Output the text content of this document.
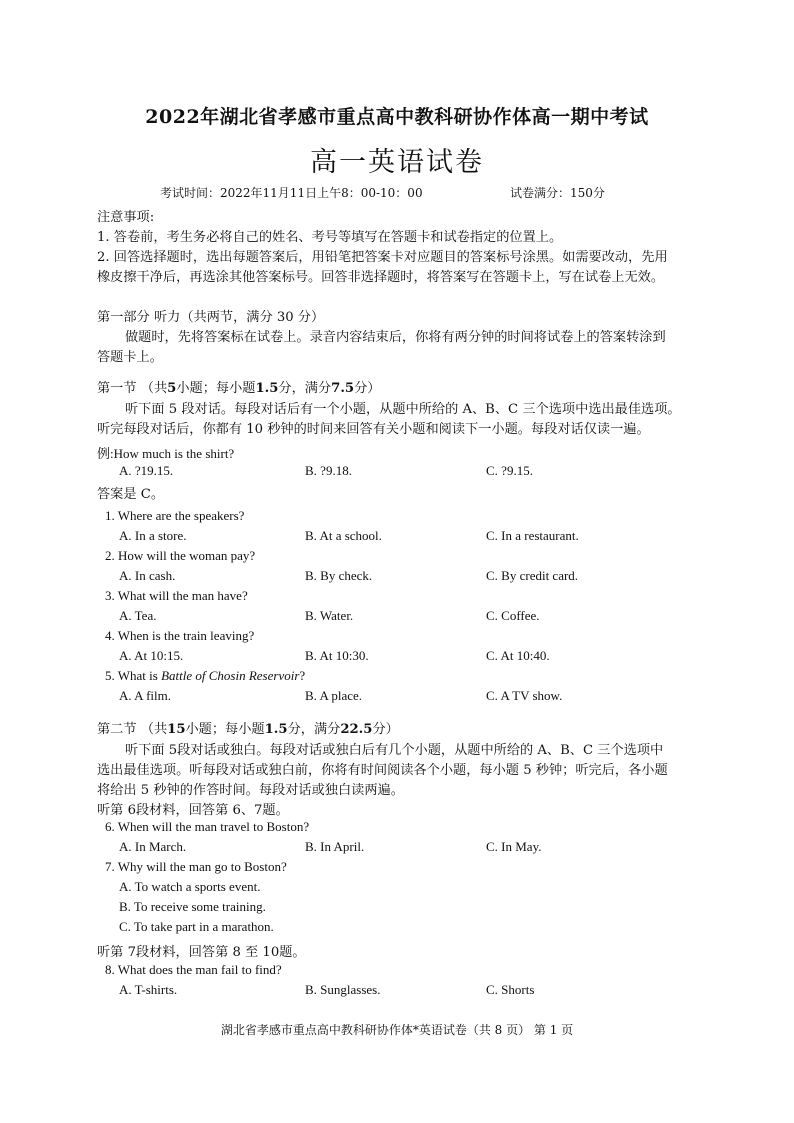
2022年湖北省孝感市重点高中教科研协作体高一期中考试
高一英语试卷
考试时间：2022年11月11日上午8：00-10：00	试卷满分：150分
注意事项:
1. 答卷前，考生务必将自己的姓名、考号等填写在答题卡和试卷指定的位置上。
2. 回答选择题时，选出每题答案后，用铅笔把答案卡对应题目的答案标号涂黑。如需要改动，先用
橡皮擦干净后，再选涂其他答案标号。回答非选择题时，将答案写在答题卡上，写在试卷上无效。
第一部分 听力（共两节，满分 30 分）
做题时，先将答案标在试卷上。录音内容结束后，你将有两分钟的时间将试卷上的答案转涂到
答题卡上。
第一节 （共5小题；每小题1.5分，满分7.5分）
听下面 5 段对话。每段对话后有一个小题，从题中所给的 A、B、C 三个选项中选出最佳选项。
听完每段对话后，你都有 10 秒钟的时间来回答有关小题和阅读下一小题。每段对话仅读一遍。
例:How much is the shirt?
A. ?19.15.	B. ?9.18.	C. ?9.15.
答案是 C。
1. Where are the speakers?
A. In a store.	B. At a school.	C. In a restaurant.
2. How will the woman pay?
A. In cash.	B. By check.	C. By credit card.
3. What will the man have?
A. Tea.	B. Water.	C. Coffee.
4. When is the train leaving?
A. At 10:15.	B. At 10:30.	C. At 10:40.
5. What is Battle of Chosin Reservoir?
A. A film.	B. A place.	C. A TV show.
第二节 （共15小题；每小题1.5分，满分22.5分）
听下面 5段对话或独白。每段对话或独白后有几个小题，从题中所给的 A、B、C 三个选项中
选出最佳选项。听每段对话或独白前，你将有时间阅读各个小题，每小题 5 秒钟；听完后，各小题
将给出 5 秒钟的作答时间。每段对话或独白读两遍。
听第 6段材料，回答第 6、7题。
6. When will the man travel to Boston?
A. In March.	B. In April.	C. In May.
7. Why will the man go to Boston?
A. To watch a sports event.
B. To receive some training.
C. To take part in a marathon.
听第 7段材料，回答第 8 至 10题。
8. What does the man fail to find?
A. T-shirts.	B. Sunglasses.	C. Shorts
湖北省孝感市重点高中教科研协作体*英语试卷（共 8 页） 第 1 页
